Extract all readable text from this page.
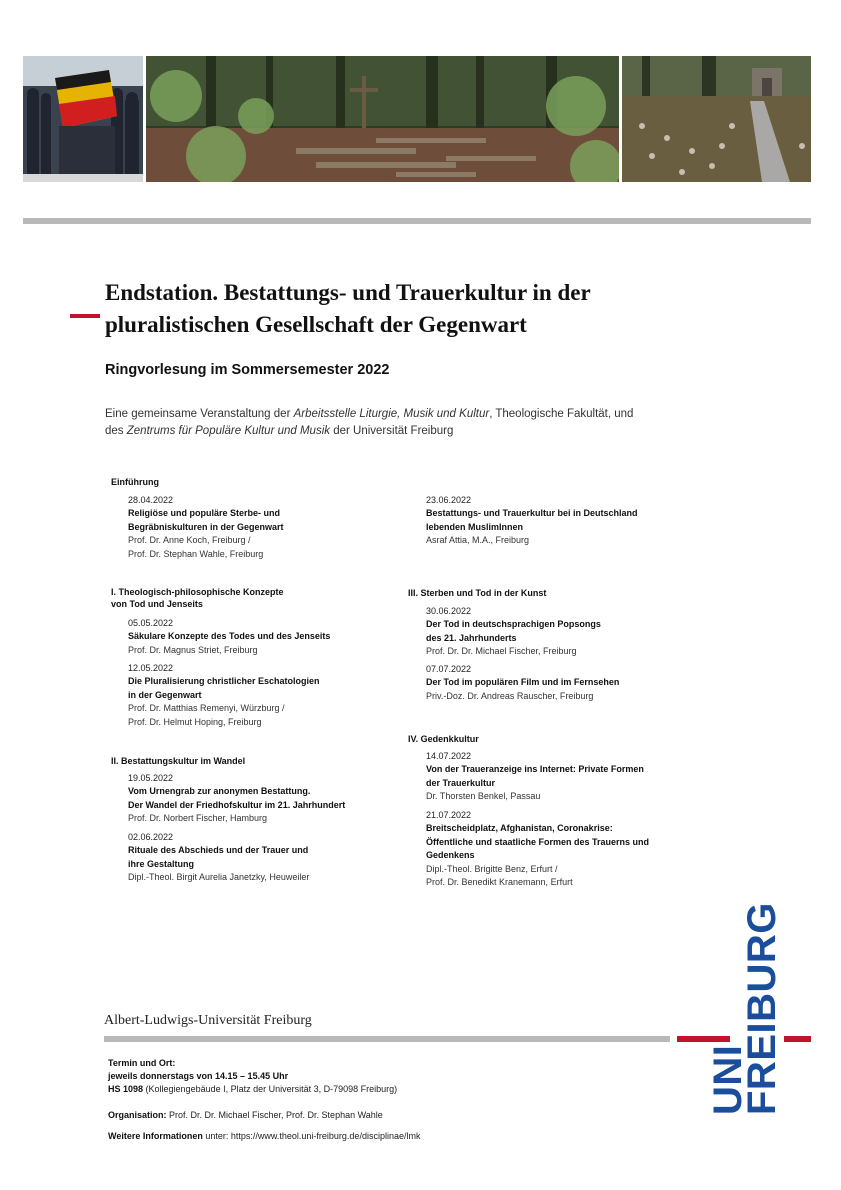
Endstation. Bestattungs- und Trauerkultur in der
pluralistischen Gesellschaft der Gegenwart
Ringvorlesung im Sommersemester 2022

Eine gemeinsame Veranstaltung der Arbeitsstelle Liturgie, Musik und Kultur, Theologische Fakultät, und
des Zentrums für Populäre Kultur und Musik der Universität Freiburg

Einführung
28.04.2022
Religiöse und populäre Sterbe- und
Begräbniskulturen in der Gegenwart
Prof. Dr. Anne Koch, Freiburg /
Prof. Dr. Stephan Wahle, Freiburg
I. Theologisch-philosophische Konzepte
von Tod und Jenseits
05.05.2022
Säkulare Konzepte des Todes und des Jenseits
Prof. Dr. Magnus Striet, Freiburg
12.05.2022
Die Pluralisierung christlicher Eschatologien
in der Gegenwart
Prof. Dr. Matthias Remenyi, Würzburg /
Prof. Dr. Helmut Hoping, Freiburg
II. Bestattungskultur im Wandel
19.05.2022
Vom Urnengrab zur anonymen Bestattung.
Der Wandel der Friedhofskultur im 21. Jahrhundert
Prof. Dr. Norbert Fischer, Hamburg
02.06.2022
Rituale des Abschieds und der Trauer und
ihre Gestaltung
Dipl.-Theol. Birgit Aurelia Janetzky, Heuweiler
23.06.2022
Bestattungs- und Trauerkultur bei in Deutschland
lebenden MuslimInnen
Asraf Attia, M.A., Freiburg
III. Sterben und Tod in der Kunst
30.06.2022
Der Tod in deutschsprachigen Popsongs
des 21. Jahrhunderts
Prof. Dr. Dr. Michael Fischer, Freiburg
07.07.2022
Der Tod im populären Film und im Fernsehen
Priv.-Doz. Dr. Andreas Rauscher, Freiburg
IV. Gedenkkultur
14.07.2022
Von der Traueranzeige ins Internet: Private Formen
der Trauerkultur
Dr. Thorsten Benkel, Passau
21.07.2022
Breitscheidplatz, Afghanistan, Coronakrise:
Öffentliche und staatliche Formen des Trauerns und
Gedenkens
Dipl.-Theol. Brigitte Benz, Erfurt /
Prof. Dr. Benedikt Kranemann, Erfurt
Albert-Ludwigs-Universität Freiburg
Termin und Ort:
jeweils donnerstags von 14.15 – 15.45 Uhr
HS 1098 (Kollegiengebäude I, Platz der Universität 3, D-79098 Freiburg)
Organisation: Prof. Dr. Dr. Michael Fischer, Prof. Dr. Stephan Wahle
Weitere Informationen unter: https://www.theol.uni-freiburg.de/disciplinae/lmk
UNI
FREIBURG
